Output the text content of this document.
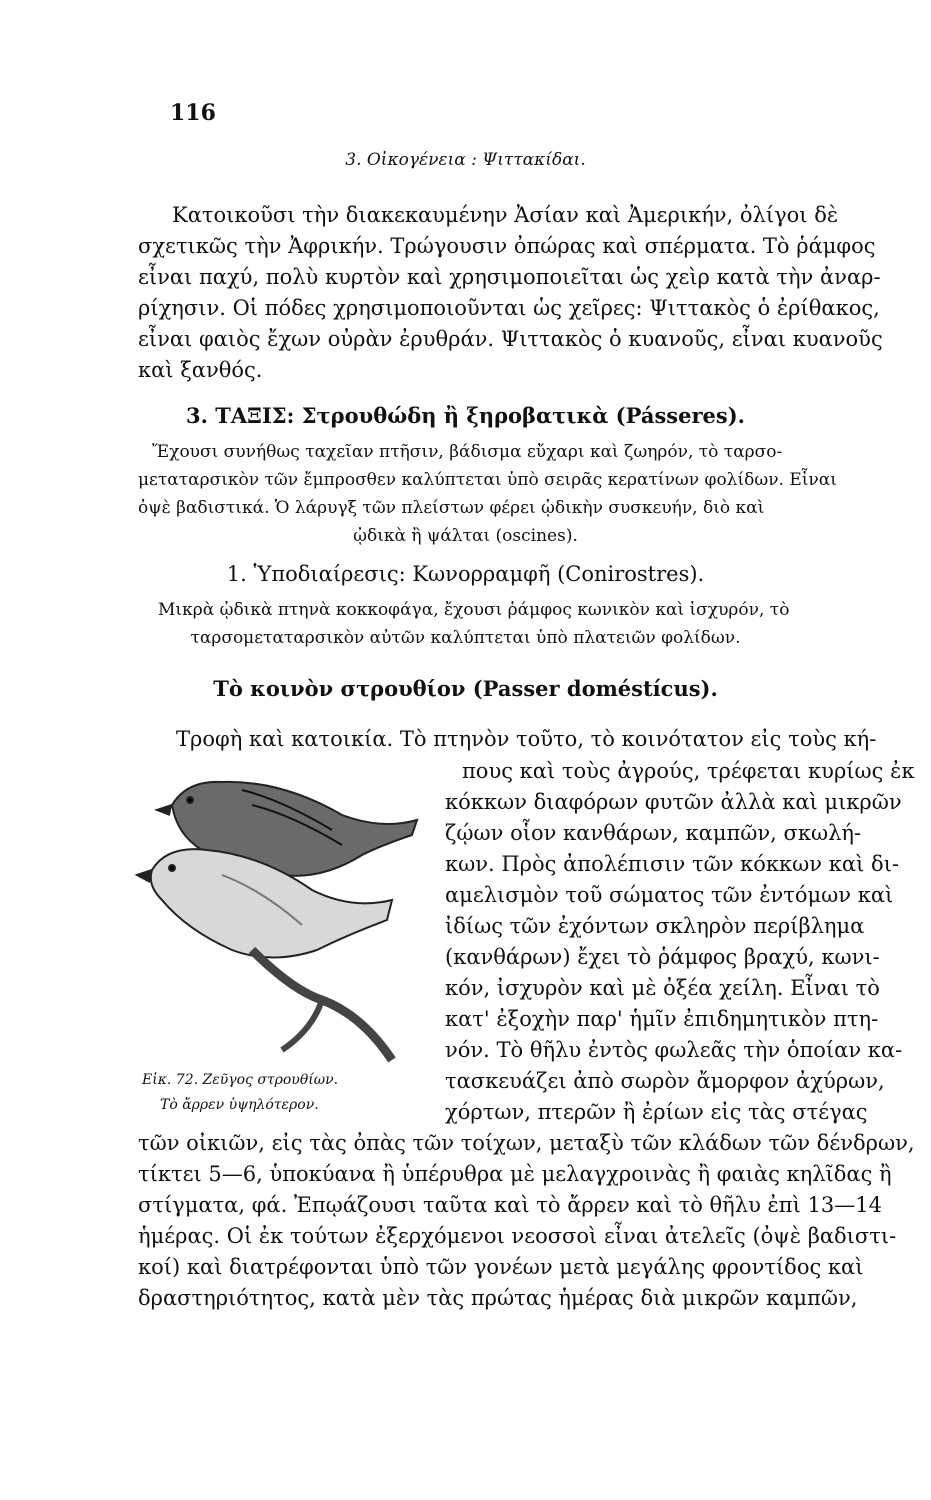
116
3. Οἰκογένεια : Ψιττακίδαι.
Κατοικοῦσι τὴν διακεκαυμένην Ἀσίαν καὶ Ἀμερικήν, ὀλίγοι δὲ
σχετικῶς τὴν Ἀφρικήν. Τρώγουσιν ὀπώρας καὶ σπέρματα. Τὸ ῥάμφος
εἶναι παχύ, πολὺ κυρτὸν καὶ χρησιμοποιεῖται ὡς χεὶρ κατὰ τὴν ἀναρ-
ρίχησιν. Οἱ πόδες χρησιμοποιοῦνται ὡς χεῖρες: Ψιττακὸς ὁ ἐρίθακος,
εἶναι φαιὸς ἔχων οὐρὰν ἐρυθράν. Ψιττακὸς ὁ κυανοῦς, εἶναι κυανοῦς
καὶ ξανθός.
3. ΤΑΞΙΣ: Στρουθώδη ἢ ξηροβατικὰ (Pásseres).
Ἔχουσι συνήθως ταχεῖαν πτῆσιν, βάδισμα εὔχαρι καὶ ζωηρόν, τὸ ταρσο-
μεταταρσικὸν τῶν ἔμπροσθεν καλύπτεται ὑπὸ σειρᾶς κερατίνων φολίδων. Εἶναι
ὀψὲ βαδιστικά. Ὁ λάρυγξ τῶν πλείστων φέρει ᾠδικὴν συσκευήν, διὸ καὶ
ᾠδικὰ ἢ ψάλται (oscines).
1. Ὑποδιαίρεσις: Κωνορραμφῆ (Conirostres).
Μικρὰ ᾠδικὰ πτηνὰ κοκκοφάγα, ἔχουσι ῥάμφος κωνικὸν καὶ ἰσχυρόν, τὸ
ταρσομεταταρσικὸν αὐτῶν καλύπτεται ὑπὸ πλατειῶν φολίδων.
Τὸ κοινὸν στρουθίον (Passer doméstícus).
Τροφὴ καὶ κατοικία. Τὸ πτηνὸν τοῦτο, τὸ κοινότατον εἰς τοὺς κή-
πους καὶ τοὺς ἀγρούς, τρέφεται κυρίως ἐκ
κόκκων διαφόρων φυτῶν ἀλλὰ καὶ μικρῶν
ζῴων οἷον κανθάρων, καμπῶν, σκωλή-
κων. Πρὸς ἀπολέπισιν τῶν κόκκων καὶ δι-
αμελισμὸν τοῦ σώματος τῶν ἐντόμων καὶ
ἰδίως τῶν ἐχόντων σκληρὸν περίβλημα
(κανθάρων) ἔχει τὸ ῥάμφος βραχύ, κωνι-
κόν, ἰσχυρὸν καὶ μὲ ὀξέα χείλη. Εἶναι τὸ
κατ' ἐξοχὴν παρ' ἡμῖν ἐπιδημητικὸν πτη-
νόν. Τὸ θῆλυ ἐντὸς φωλεᾶς τὴν ὁποίαν κα-
τασκευάζει ἀπὸ σωρὸν ἄμορφον ἀχύρων,
χόρτων, πτερῶν ἢ ἐρίων εἰς τὰς στέγας
Εἰκ. 72. Ζεῦγος στρουθίων.
Τὸ ἄρρεν ὑψηλότερον.
τῶν οἰκιῶν, εἰς τὰς ὀπὰς τῶν τοίχων, μεταξὺ τῶν κλάδων τῶν δένδρων,
τίκτει 5—6, ὑποκύανα ἢ ὑπέρυθρα μὲ μελαγχροινὰς ἢ φαιὰς κηλῖδας ἢ
στίγματα, φά. Ἐπῳάζουσι ταῦτα καὶ τὸ ἄρρεν καὶ τὸ θῆλυ ἐπὶ 13—14
ἡμέρας. Οἱ ἐκ τούτων ἐξερχόμενοι νεοσσοὶ εἶναι ἀτελεῖς (ὀψὲ βαδιστι-
κοί) καὶ διατρέφονται ὑπὸ τῶν γονέων μετὰ μεγάλης φροντίδος καὶ
δραστηριότητος, κατὰ μὲν τὰς πρώτας ἡμέρας διὰ μικρῶν καμπῶν,
